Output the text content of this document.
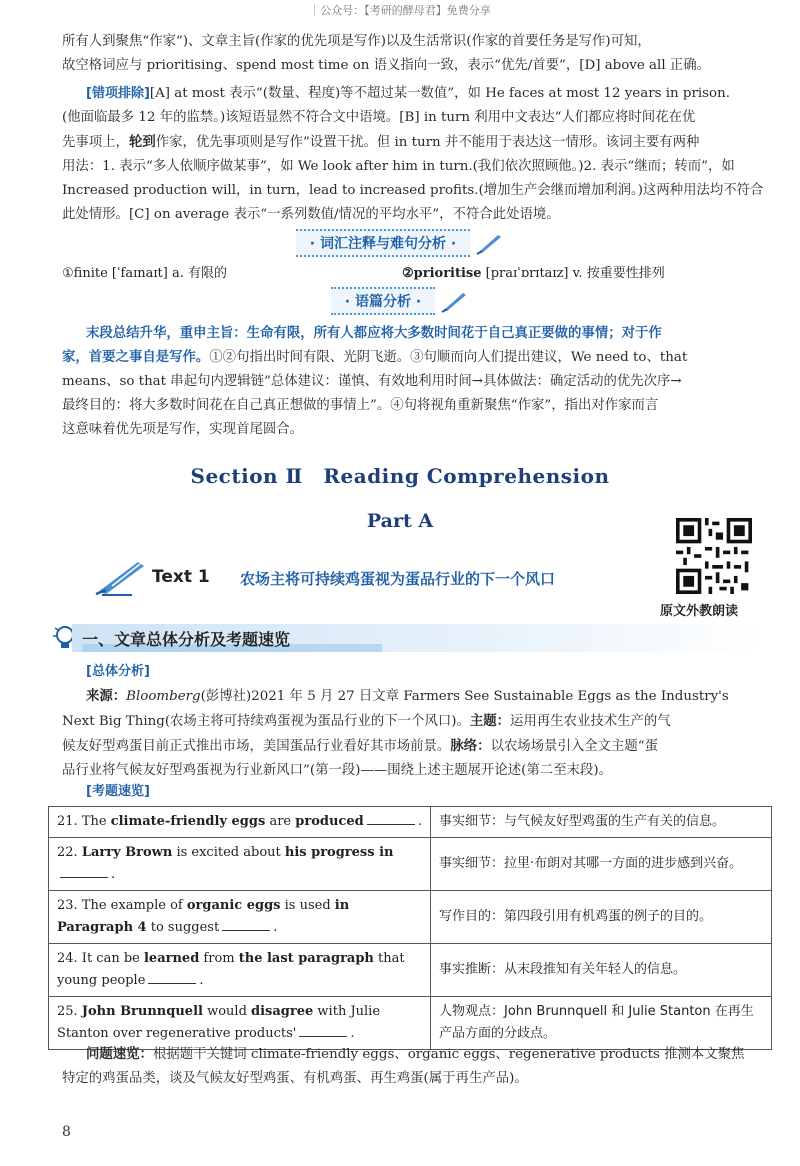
｜公众号：【考研的酵母君】免费分享
所有人到聚焦“作家”)、文章主旨(作家的优先项是写作)以及生活常识(作家的首要任务是写作)可知，
故空格词应与 prioritising、spend most time on 语义指向一致，表示“优先/首要”，[D] above all 正确。
[错项排除][A] at most 表示“(数量、程度)等不超过某一数值”，如 He faces at most 12 years in prison.
(他面临最多 12 年的监禁。)该短语显然不符合文中语境。[B] in turn 利用中文表达“人们都应将时间花在优
先事项上，轮到作家，优先事项则是写作”设置干扰。但 in turn 并不能用于表达这一情形。该词主要有两种
用法：1. 表示“多人依顺序做某事”，如 We look after him in turn.(我们依次照顾他。)2. 表示“继而；转而”，如
Increased production will，in turn，lead to increased profits.(增加生产会继而增加利润。)这两种用法均不符合
此处情形。[C] on average 表示“一系列数值/情况的平均水平”，不符合此处语境。
· 词汇注释与难句分析 ·
①finite [ˈfaɪnaɪt] a. 有限的	②prioritise [praɪˈɒrɪtaɪz] v. 按重要性排列
· 语篇分析 ·
末段总结升华，重申主旨：生命有限，所有人都应将大多数时间花于自己真正要做的事情；对于作
家，首要之事自是写作。①②句指出时间有限、光阴飞逝。③句顺而向人们提出建议，We need to、that
means、so that 串起句内逻辑链“总体建议：谨慎、有效地利用时间→具体做法：确定活动的优先次序→
最终目的：将大多数时间花在自己真正想做的事情上”。④句将视角重新聚焦“作家”，指出对作家而言
这意味着优先项是写作，实现首尾圆合。
Section Ⅱ　Reading Comprehension
Part A
Text 1 农场主将可持续鸡蛋视为蛋品行业的下一个风口
原文外教朗读
一、文章总体分析及考题速览
[总体分析]
来源：Bloomberg(彭博社)2021 年 5 月 27 日文章 Farmers See Sustainable Eggs as the Industry's
Next Big Thing(农场主将可持续鸡蛋视为蛋品行业的下一个风口)。主题：运用再生农业技术生产的气
候友好型鸡蛋目前正式推出市场，美国蛋品行业看好其市场前景。脉络：以农场场景引入全文主题“蛋
品行业将气候友好型鸡蛋视为行业新风口”(第一段)——围绕上述主题展开论述(第二至末段)。
[考题速览]
21. The climate-friendly eggs are produced .	事实细节：与气候友好型鸡蛋的生产有关的信息。
22. Larry Brown is excited about his progress in.	事实细节：拉里·布朗对其哪一方面的进步感到兴奋。
23. The example of organic eggs is used in Paragraph 4 to suggest .	写作目的：第四段引用有机鸡蛋的例子的目的。
24. It can be learned from the last paragraph that young people .	事实推断：从末段推知有关年轻人的信息。
25. John Brunnquell would disagree with Julie Stanton over regenerative products' .	人物观点：John Brunnquell 和 Julie Stanton 在再生产品方面的分歧点。
问题速览：根据题干关键词 climate-friendly eggs、organic eggs、regenerative products 推测本文聚焦
特定的鸡蛋品类，谈及气候友好型鸡蛋、有机鸡蛋、再生鸡蛋(属于再生产品)。
8
